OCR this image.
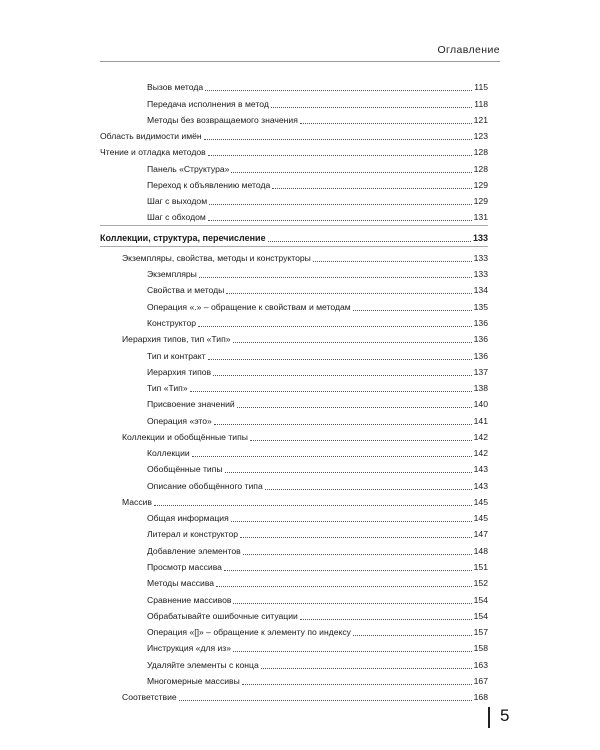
Оглавление
Вызов метода	115
Передача исполнения в метод	118
Методы без возвращаемого значения	121
Область видимости имён	123
Чтение и отладка методов	128
Панель «Структура»	128
Переход к объявлению метода	129
Шаг с выходом	129
Шаг с обходом	131
Коллекции, структура, перечисление	133
Экземпляры, свойства, методы и конструкторы	133
Экземпляры	133
Свойства и методы	134
Операция «.» – обращение к свойствам и методам	135
Конструктор	136
Иерархия типов, тип «Тип»	136
Тип и контракт	136
Иерархия типов	137
Тип «Тип»	138
Присвоение значений	140
Операция «это»	141
Коллекции и обобщённые типы	142
Коллекции	142
Обобщённые типы	143
Описание обобщённого типа	143
Массив	145
Общая информация	145
Литерал и конструктор	147
Добавление элементов	148
Просмотр массива	151
Методы массива	152
Сравнение массивов	154
Обрабатывайте ошибочные ситуации	154
Операция «[]» – обращение к элементу по индексу	157
Инструкция «для из»	158
Удаляйте элементы с конца	163
Многомерные массивы	167
Соответствие	168
5
